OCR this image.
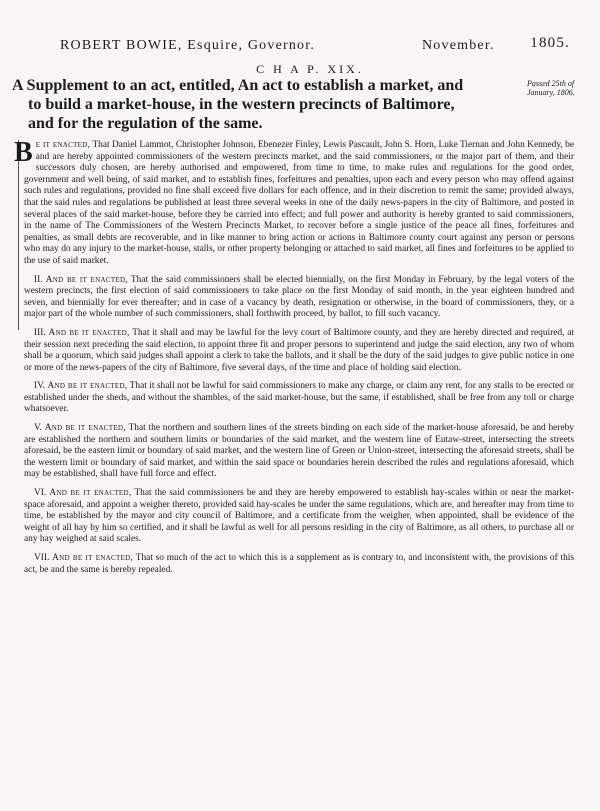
ROBERT BOWIE, Esquire, Governor.	November. 1805.
C H A P. XIX.
A Supplement to an act, entitled, An act to establish a market, and
to build a market-house, in the western precincts of Baltimore,
and for the regulation of the same.
Passed 25th of January, 1806.

Be it enacted, That Daniel Lammot, Christopher Johnson, Ebenezer Finley, Lewis Pascault, John S. Horn, Luke Tiernan and John Kennedy, be and are hereby appointed commissioners of the western precincts market, and the said commissioners, or the major part of them, and their successors duly chosen, are hereby authorised and empowered, from time to time, to make rules and regulations for the good order, government and well being, of said market, and to establish fines, forfeitures and penalties, upon each and every person who may offend against such rules and regulations, provided no fine shall exceed five dollars for each offence, and in their discretion to remit the same; provided always, that the said rules and regulations be published at least three several weeks in one of the daily news-papers in the city of Baltimore, and posted in several places of the said market-house, before they be carried into effect; and full power and authority is hereby granted to said commissioners, in the name of The Commissioners of the Western Precincts Market, to recover before a single justice of the peace all fines, forfeitures and penalties, as small debts are recoverable, and in like manner to bring action or actions in Baltimore county court against any person or persons who may do any injury to the market-house, stalls, or other property belonging or attached to said market, all fines and forfeitures to be applied to the use of said market.

II. And be it enacted, That the said commissioners shall be elected biennially, on the first Monday in February, by the legal voters of the western precincts, the first election of said commissioners to take place on the first Monday of said month, in the year eighteen hundred and seven, and biennially for ever thereafter; and in case of a vacancy by death, resignation or otherwise, in the board of commissioners, they, or a major part of the whole number of such commissioners, shall forthwith proceed, by ballot, to fill such vacancy.

III. And be it enacted, That it shall and may be lawful for the levy court of Baltimore county, and they are hereby directed and required, at their session next preceding the said election, to appoint three fit and proper persons to superintend and judge the said election, any two of whom shall be a quorum, which said judges shall appoint a clerk to take the ballots, and it shall be the duty of the said judges to give public notice in one or more of the news-papers of the city of Baltimore, five several days, of the time and place of holding said election.

IV. And be it enacted, That it shall not be lawful for said commissioners to make any charge, or claim any rent, for any stalls to be erected or established under the sheds, and without the shambles, of the said market-house, but the same, if established, shall be free from any toll or charge whatsoever.

V. And be it enacted, That the northern and southern lines of the streets binding on each side of the market-house aforesaid, be and hereby are established the northern and southern limits or boundaries of the said market, and the western line of Eutaw-street, intersecting the streets aforesaid, be the eastern limit or boundary of said market, and the western line of Green or Union-street, intersecting the aforesaid streets, shall be the western limit or boundary of said market, and within the said space or boundaries herein described the rules and regulations aforesaid, which may be established, shall have full force and effect.

VI. And be it enacted, That the said commissioners be and they are hereby empowered to establish hay-scales within or near the market-space aforesaid, and appoint a weigher thereto, provided said hay-scales be under the same regulations, which are, and hereafter may from time to time, be established by the mayor and city council of Baltimore, and a certificate from the weigher, when appointed, shall be evidence of the weight of all hay by him so certified, and it shall be lawful as well for all persons residing in the city of Baltimore, as all others, to purchase all or any hay weighed at said scales.

VII. And be it enacted, That so much of the act to which this is a supplement as is contrary to, and inconsistent with, the provisions of this act, be and the same is hereby repealed.
